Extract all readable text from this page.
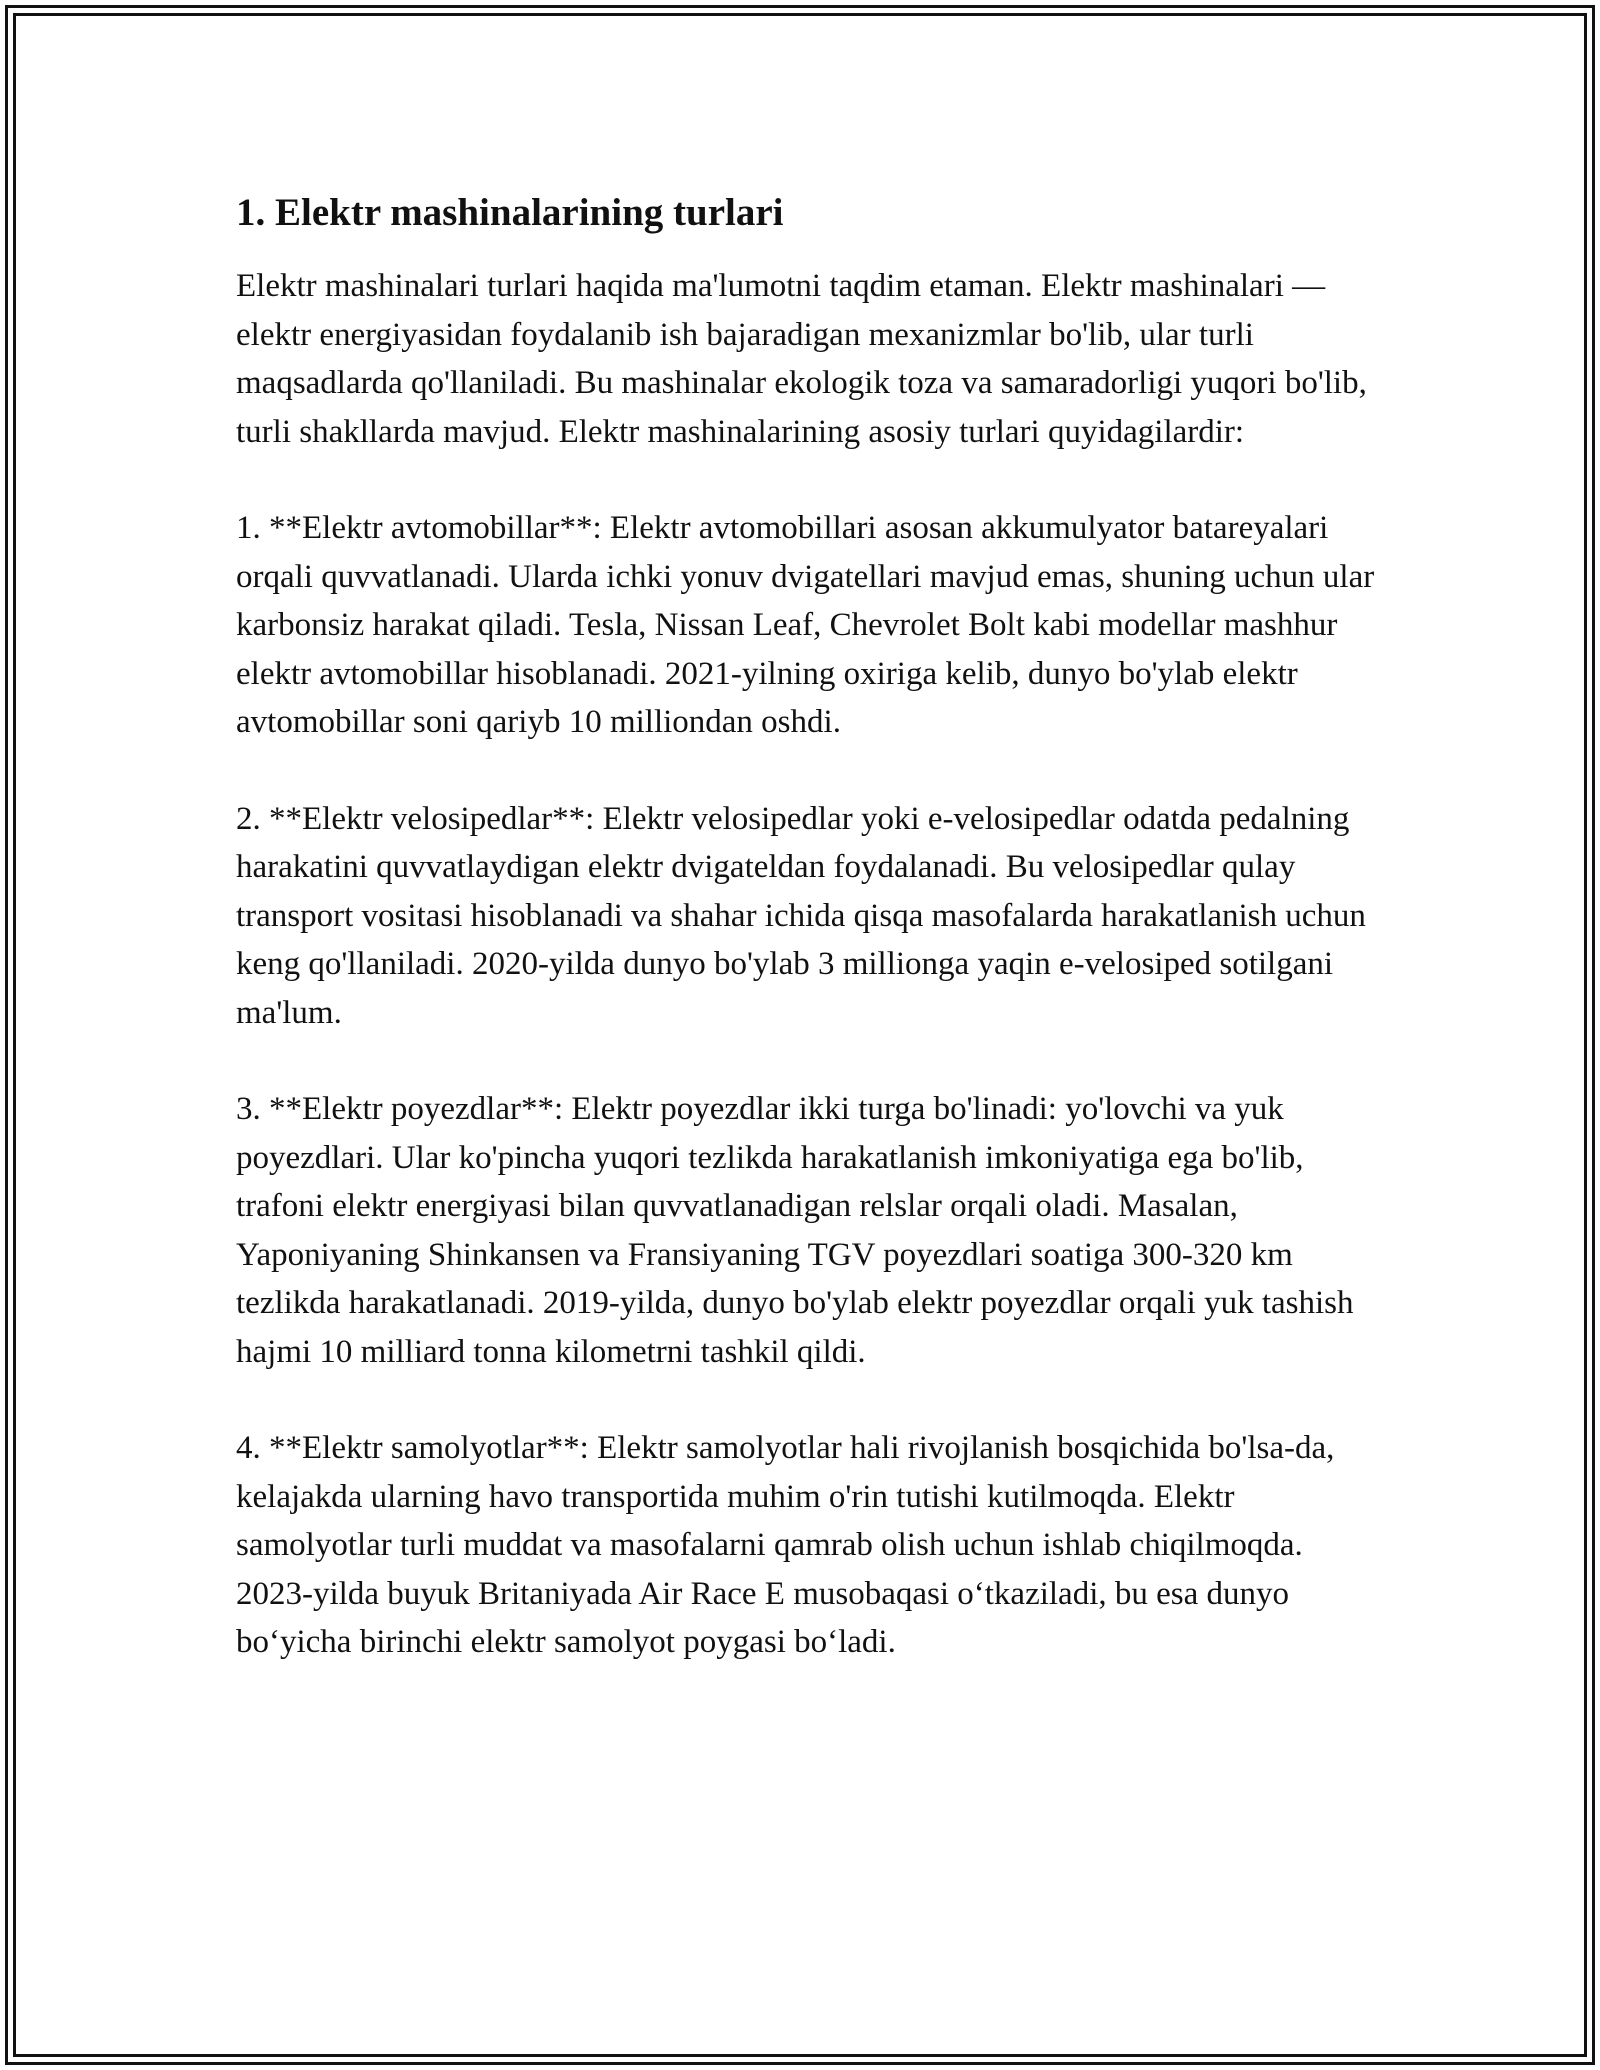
1. Elektr mashinalarining turlari

Elektr mashinalari turlari haqida ma'lumotni taqdim etaman. Elektr mashinalari — elektr energiyasidan foydalanib ish bajaradigan mexanizmlar bo'lib, ular turli maqsadlarda qo'llaniladi. Bu mashinalar ekologik toza va samaradorligi yuqori bo'lib, turli shakllarda mavjud. Elektr mashinalarining asosiy turlari quyidagilardir:

1. **Elektr avtomobillar**: Elektr avtomobillari asosan akkumulyator batareyalari orqali quvvatlanadi. Ularda ichki yonuv dvigatellari mavjud emas, shuning uchun ular karbonsiz harakat qiladi. Tesla, Nissan Leaf, Chevrolet Bolt kabi modellar mashhur elektr avtomobillar hisoblanadi. 2021-yilning oxiriga kelib, dunyo bo'ylab elektr avtomobillar soni qariyb 10 milliondan oshdi.

2. **Elektr velosipedlar**: Elektr velosipedlar yoki e-velosipedlar odatda pedalning harakatini quvvatlaydigan elektr dvigateldan foydalanadi. Bu velosipedlar qulay transport vositasi hisoblanadi va shahar ichida qisqa masofalarda harakatlanish uchun keng qo'llaniladi. 2020-yilda dunyo bo'ylab 3 millionga yaqin e-velosiped sotilgani ma'lum.

3. **Elektr poyezdlar**: Elektr poyezdlar ikki turga bo'linadi: yo'lovchi va yuk poyezdlari. Ular ko'pincha yuqori tezlikda harakatlanish imkoniyatiga ega bo'lib, trafoni elektr energiyasi bilan quvvatlanadigan relslar orqali oladi. Masalan, Yaponiyaning Shinkansen va Fransiyaning TGV poyezdlari soatiga 300-320 km tezlikda harakatlanadi. 2019-yilda, dunyo bo'ylab elektr poyezdlar orqali yuk tashish hajmi 10 milliard tonna kilometrni tashkil qildi.

4. **Elektr samolyotlar**: Elektr samolyotlar hali rivojlanish bosqichida bo'lsa-da, kelajakda ularning havo transportida muhim o'rin tutishi kutilmoqda. Elektr samolyotlar turli muddat va masofalarni qamrab olish uchun ishlab chiqilmoqda. 2023-yilda buyuk Britaniyada Air Race E musobaqasi o‘tkaziladi, bu esa dunyo bo‘yicha birinchi elektr samolyot poygasi bo‘ladi.
